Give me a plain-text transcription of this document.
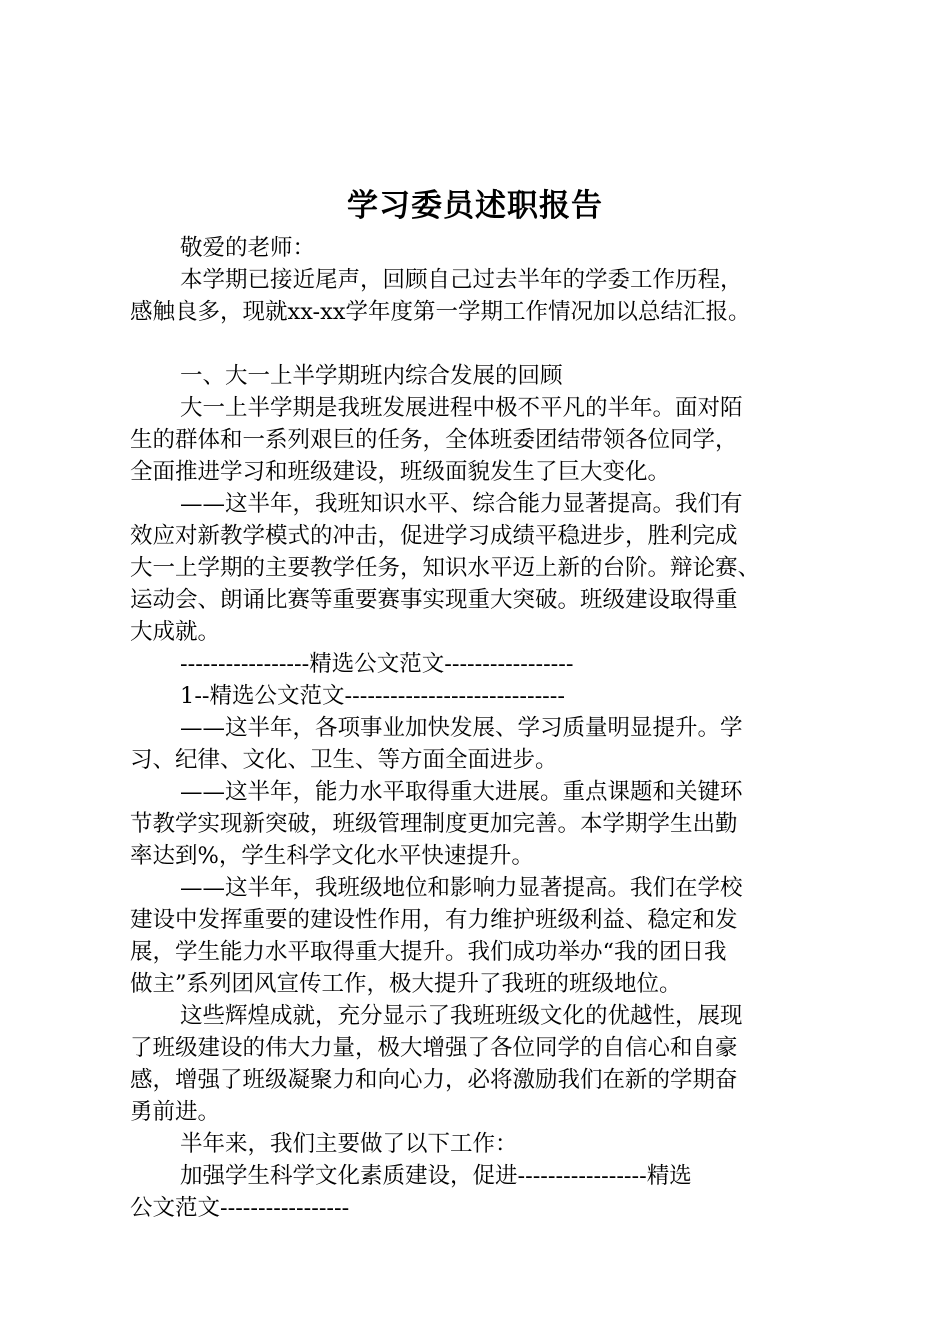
学习委员述职报告
敬爱的老师：
本学期已接近尾声，回顾自己过去半年的学委工作历程，
感触良多，现就xx-xx学年度第一学期工作情况加以总结汇报。
一、大一上半学期班内综合发展的回顾
大一上半学期是我班发展进程中极不平凡的半年。面对陌
生的群体和一系列艰巨的任务，全体班委团结带领各位同学，
全面推进学习和班级建设，班级面貌发生了巨大变化。
——这半年，我班知识水平、综合能力显著提高。我们有
效应对新教学模式的冲击，促进学习成绩平稳进步，胜利完成
大一上学期的主要教学任务，知识水平迈上新的台阶。辩论赛、
运动会、朗诵比赛等重要赛事实现重大突破。班级建设取得重
大成就。
-----------------精选公文范文-----------------
1--精选公文范文-----------------------------
——这半年，各项事业加快发展、学习质量明显提升。学
习、纪律、文化、卫生、等方面全面进步。
——这半年，能力水平取得重大进展。重点课题和关键环
节教学实现新突破，班级管理制度更加完善。本学期学生出勤
率达到%，学生科学文化水平快速提升。
——这半年，我班级地位和影响力显著提高。我们在学校
建设中发挥重要的建设性作用，有力维护班级利益、稳定和发
展，学生能力水平取得重大提升。我们成功举办“我的团日我
做主”系列团风宣传工作，极大提升了我班的班级地位。
这些辉煌成就，充分显示了我班班级文化的优越性，展现
了班级建设的伟大力量，极大增强了各位同学的自信心和自豪
感，增强了班级凝聚力和向心力，必将激励我们在新的学期奋
勇前进。
半年来，我们主要做了以下工作：
加强学生科学文化素质建设，促进-----------------精选
公文范文-----------------
